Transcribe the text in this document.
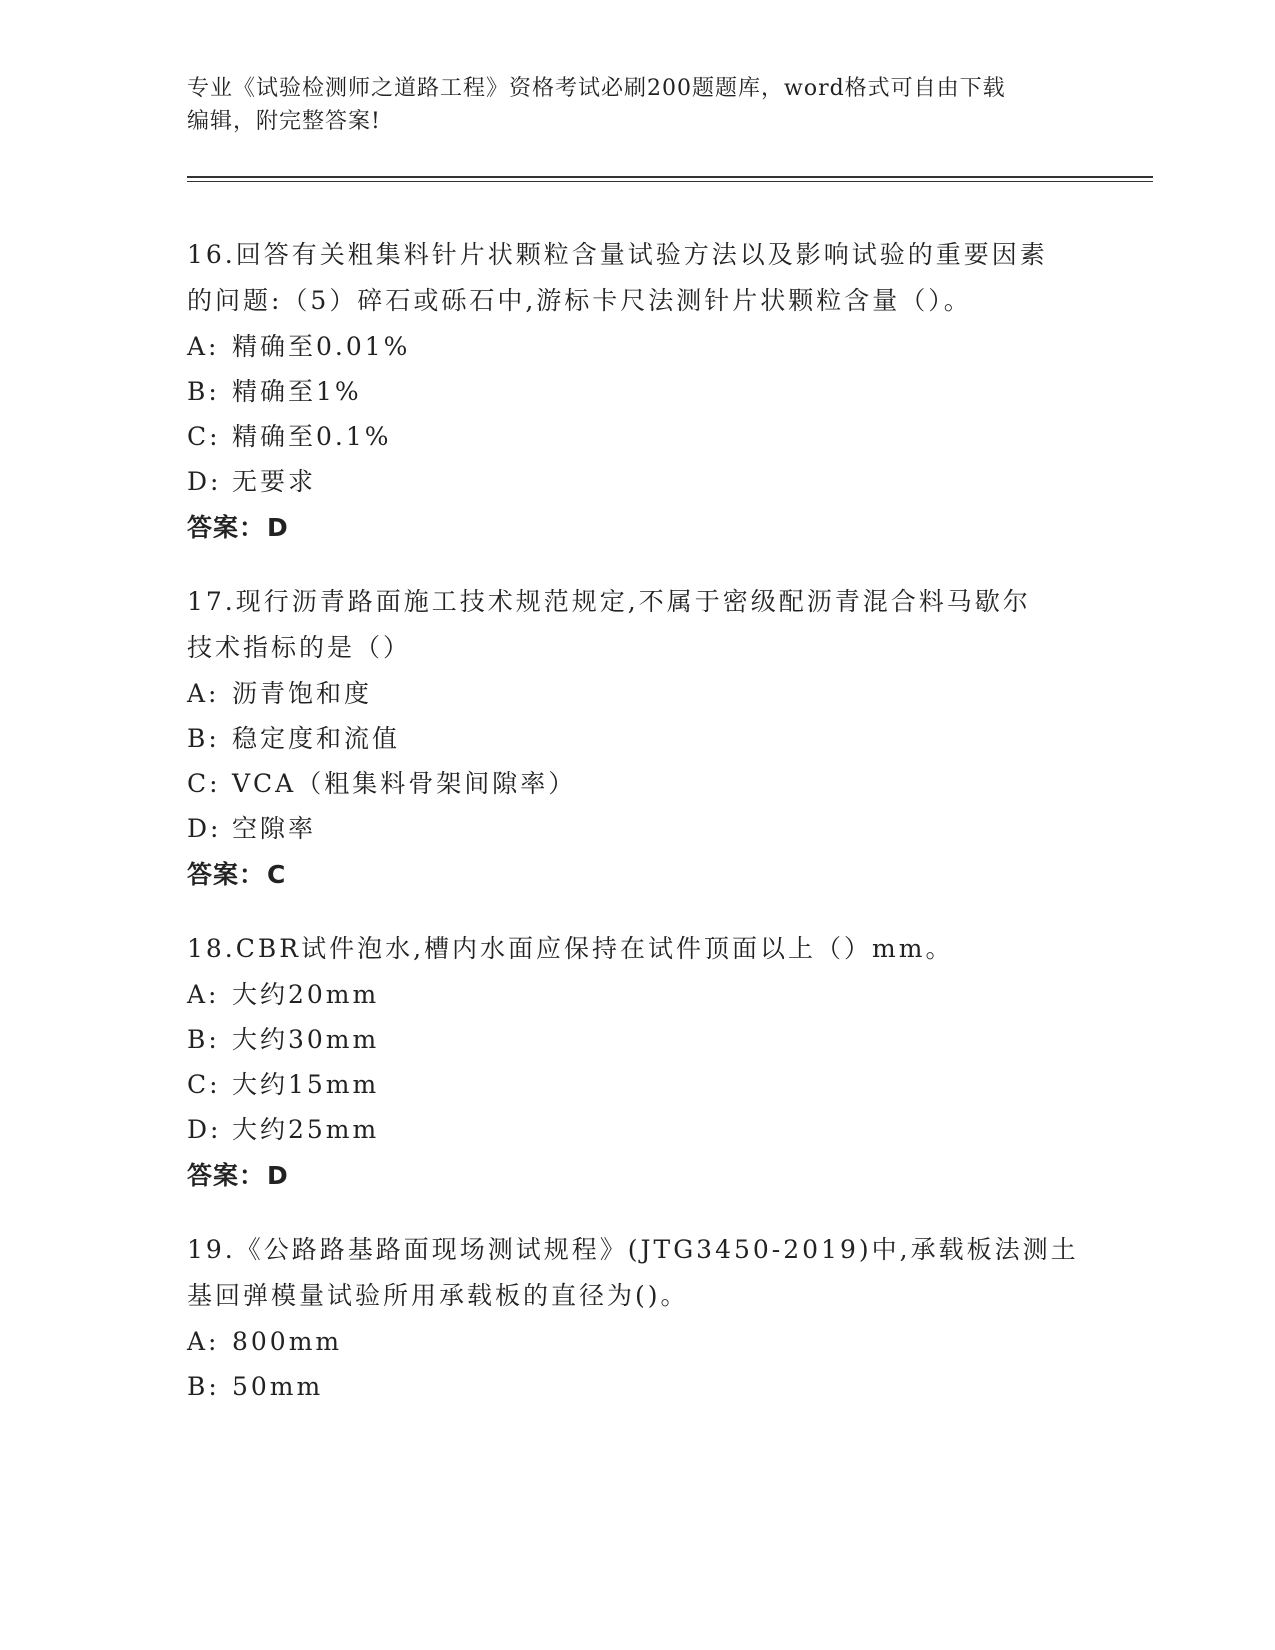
专业《试验检测师之道路工程》资格考试必刷200题题库，word格式可自由下载
编辑，附完整答案!
16.回答有关粗集料针片状颗粒含量试验方法以及影响试验的重要因素
的问题:（5）碎石或砾石中,游标卡尺法测针片状颗粒含量（）。
A: 精确至0.01%
B: 精确至1%
C: 精确至0.1%
D: 无要求
答案：D
17.现行沥青路面施工技术规范规定,不属于密级配沥青混合料马歇尔
技术指标的是（）
A: 沥青饱和度
B: 稳定度和流值
C: VCA（粗集料骨架间隙率）
D: 空隙率
答案：C
18.CBR试件泡水,槽内水面应保持在试件顶面以上（）mm。
A: 大约20mm
B: 大约30mm
C: 大约15mm
D: 大约25mm
答案：D
19.《公路路基路面现场测试规程》(JTG3450-2019)中,承载板法测土
基回弹模量试验所用承载板的直径为()。
A: 800mm
B: 50mm
